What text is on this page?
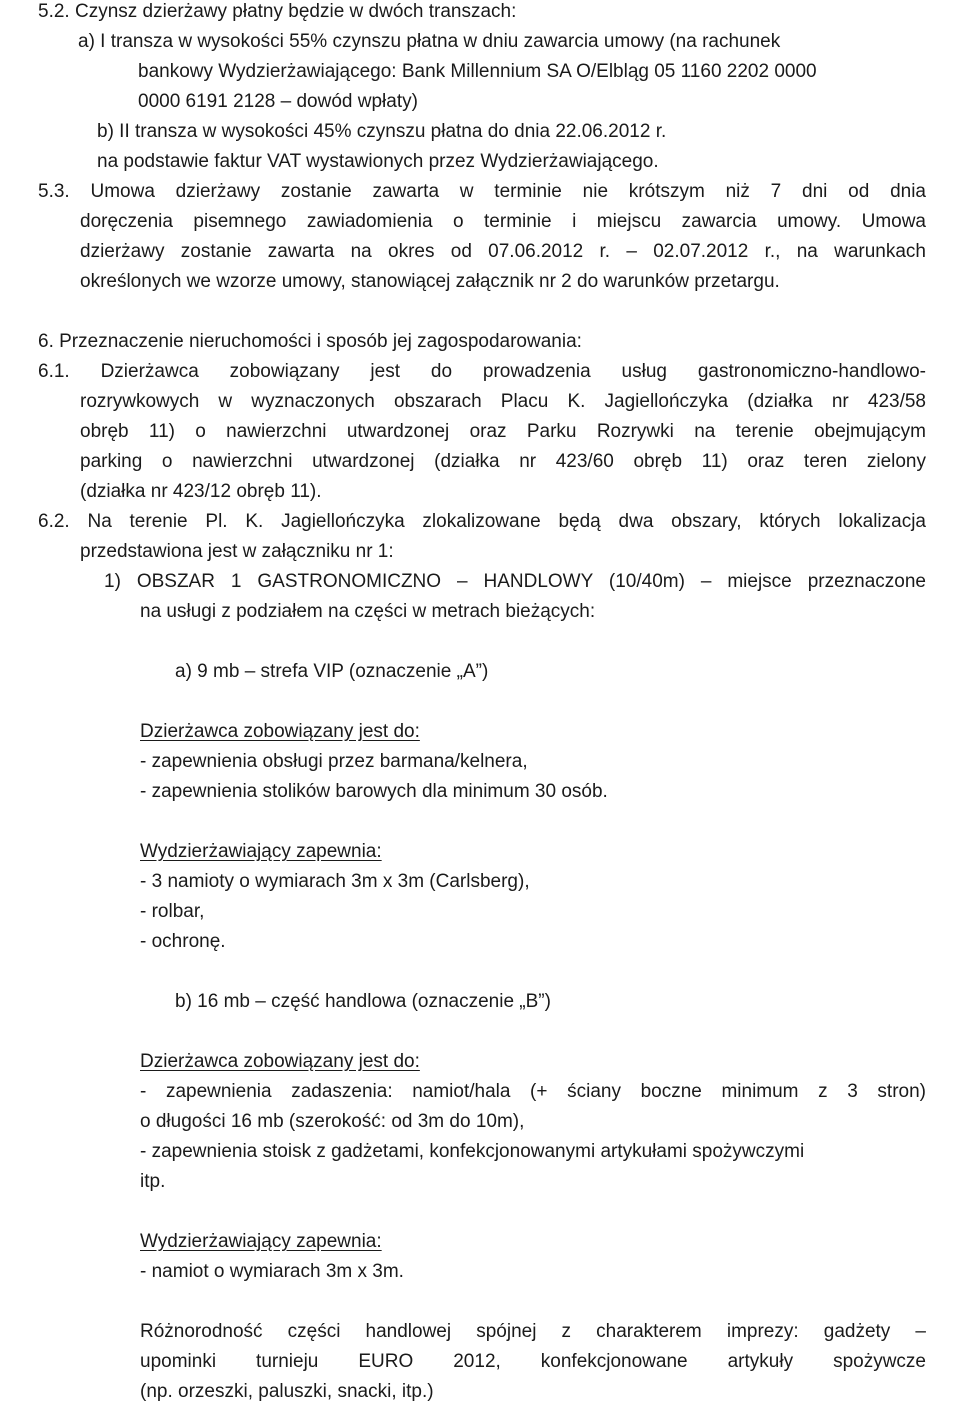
5.2. Czynsz dzierżawy płatny będzie w dwóch transzach:
a) I transza w wysokości 55% czynszu płatna w dniu zawarcia umowy (na rachunek
bankowy Wydzierżawiającego: Bank Millennium SA O/Elbląg 05 1160 2202 0000
0000 6191 2128 – dowód wpłaty)
b) II transza w wysokości 45% czynszu płatna do dnia 22.06.2012 r.
na podstawie faktur VAT wystawionych przez Wydzierżawiającego.
5.3. Umowa dzierżawy zostanie zawarta w terminie nie krótszym niż 7 dni od dnia
doręczenia pisemnego zawiadomienia o terminie i miejscu zawarcia umowy. Umowa
dzierżawy zostanie zawarta na okres od 07.06.2012 r. – 02.07.2012 r., na warunkach
określonych we wzorze umowy, stanowiącej załącznik nr 2 do warunków przetargu.
6. Przeznaczenie nieruchomości i sposób jej zagospodarowania:
6.1. Dzierżawca zobowiązany jest do prowadzenia usług gastronomiczno-handlowo-
rozrywkowych w wyznaczonych obszarach Placu K. Jagiellończyka (działka nr 423/58
obręb 11) o nawierzchni utwardzonej oraz Parku Rozrywki na terenie obejmującym
parking o nawierzchni utwardzonej (działka nr 423/60 obręb 11) oraz teren zielony
(działka nr 423/12 obręb 11).
6.2. Na terenie Pl. K. Jagiellończyka zlokalizowane będą dwa obszary, których lokalizacja
przedstawiona jest w załączniku nr 1:
1) OBSZAR 1 GASTRONOMICZNO – HANDLOWY (10/40m) – miejsce przeznaczone
na usługi z podziałem na części w metrach bieżących:
a) 9 mb – strefa VIP (oznaczenie „A”)
Dzierżawca zobowiązany jest do:
- zapewnienia obsługi przez barmana/kelnera,
- zapewnienia stolików barowych dla minimum 30 osób.
Wydzierżawiający zapewnia:
- 3 namioty o wymiarach 3m x 3m (Carlsberg),
- rolbar,
- ochronę.
b) 16 mb – część handlowa (oznaczenie „B”)
Dzierżawca zobowiązany jest do:
- zapewnienia zadaszenia: namiot/hala (+ ściany boczne minimum z 3 stron)
o długości 16 mb (szerokość: od 3m do 10m),
- zapewnienia stoisk z gadżetami, konfekcjonowanymi artykułami spożywczymi
itp.
Wydzierżawiający zapewnia:
- namiot o wymiarach 3m x 3m.
Różnorodność części handlowej spójnej z charakterem imprezy: gadżety –
upominki turnieju EURO 2012, konfekcjonowane artykuły spożywcze
(np. orzeszki, paluszki, snacki, itp.)
